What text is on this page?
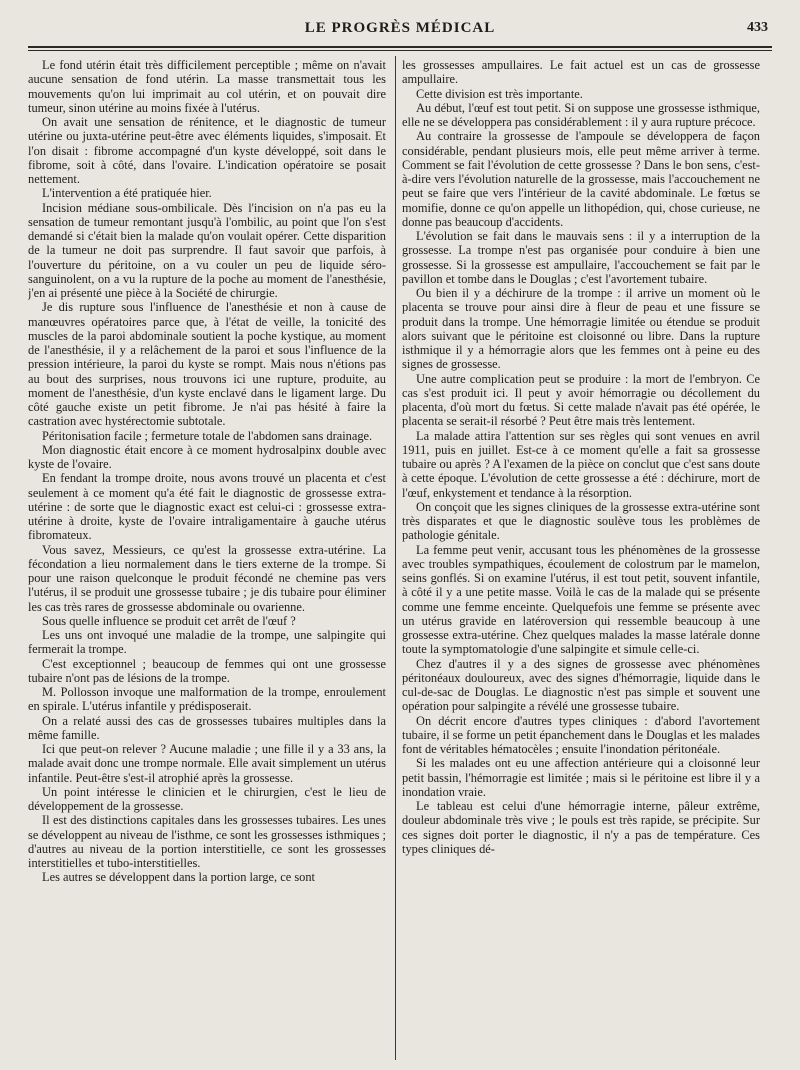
LE PROGRÈS MÉDICAL	433

Le fond utérin était très difficilement perceptible ; même on n'avait aucune sensation de fond utérin. La masse transmettait tous les mouvements qu'on lui imprimait au col utérin, et on pouvait dire tumeur, sinon utérine au moins fixée à l'utérus.

On avait une sensation de rénitence, et le diagnostic de tumeur utérine ou juxta-utérine peut-être avec éléments liquides, s'imposait. Et l'on disait : fibrome accompagné d'un kyste développé, soit dans le fibrome, soit à côté, dans l'ovaire. L'indication opératoire se posait nettement.

L'intervention a été pratiquée hier.

Incision médiane sous-ombilicale. Dès l'incision on n'a pas eu la sensation de tumeur remontant jusqu'à l'ombilic, au point que l'on s'est demandé si c'était bien la malade qu'on voulait opérer. Cette disparition de la tumeur ne doit pas surprendre. Il faut savoir que parfois, à l'ouverture du péritoine, on a vu couler un peu de liquide séro-sanguinolent, on a vu la rupture de la poche au moment de l'anesthésie, j'en ai présenté une pièce à la Société de chirurgie.

Je dis rupture sous l'influence de l'anesthésie et non à cause de manœuvres opératoires parce que, à l'état de veille, la tonicité des muscles de la paroi abdominale soutient la poche kystique, au moment de l'anesthésie, il y a relâchement de la paroi et sous l'influence de la pression intérieure, la paroi du kyste se rompt. Mais nous n'étions pas au bout des surprises, nous trouvons ici une rupture, produite, au moment de l'anesthésie, d'un kyste enclavé dans le ligament large. Du côté gauche existe un petit fibrome. Je n'ai pas hésité à faire la castration avec hystérectomie subtotale.

Péritonisation facile ; fermeture totale de l'abdomen sans drainage.

Mon diagnostic était encore à ce moment hydrosalpinx double avec kyste de l'ovaire.

En fendant la trompe droite, nous avons trouvé un placenta et c'est seulement à ce moment qu'a été fait le diagnostic de grossesse extra-utérine : de sorte que le diagnostic exact est celui-ci : grossesse extra-utérine à droite, kyste de l'ovaire intraligamentaire à gauche utérus fibromateux.

Vous savez, Messieurs, ce qu'est la grossesse extra-utérine. La fécondation a lieu normalement dans le tiers externe de la trompe. Si pour une raison quelconque le produit fécondé ne chemine pas vers l'utérus, il se produit une grossesse tubaire ; je dis tubaire pour éliminer les cas très rares de grossesse abdominale ou ovarienne.

Sous quelle influence se produit cet arrêt de l'œuf ?

Les uns ont invoqué une maladie de la trompe, une salpingite qui fermerait la trompe.

C'est exceptionnel ; beaucoup de femmes qui ont une grossesse tubaire n'ont pas de lésions de la trompe.

M. Pollosson invoque une malformation de la trompe, enroulement en spirale. L'utérus infantile y prédisposerait.

On a relaté aussi des cas de grossesses tubaires multiples dans la même famille.

Ici que peut-on relever ? Aucune maladie ; une fille il y a 33 ans, la malade avait donc une trompe normale. Elle avait simplement un utérus infantile. Peut-être s'est-il atrophié après la grossesse.

Un point intéresse le clinicien et le chirurgien, c'est le lieu de développement de la grossesse.

Il est des distinctions capitales dans les grossesses tubaires. Les unes se développent au niveau de l'isthme, ce sont les grossesses isthmiques ; d'autres au niveau de la portion interstitielle, ce sont les grossesses interstitielles et tubo-interstitielles.

Les autres se développent dans la portion large, ce sont

les grossesses ampullaires. Le fait actuel est un cas de grossesse ampullaire.

Cette division est très importante.

Au début, l'œuf est tout petit. Si on suppose une grossesse isthmique, elle ne se développera pas considérablement : il y aura rupture précoce.

Au contraire la grossesse de l'ampoule se développera de façon considérable, pendant plusieurs mois, elle peut même arriver à terme. Comment se fait l'évolution de cette grossesse ? Dans le bon sens, c'est-à-dire vers l'évolution naturelle de la grossesse, mais l'accouchement ne peut se faire que vers l'intérieur de la cavité abdominale. Le fœtus se momifie, donne ce qu'on appelle un lithopédion, qui, chose curieuse, ne donne pas beaucoup d'accidents.

L'évolution se fait dans le mauvais sens : il y a interruption de la grossesse. La trompe n'est pas organisée pour conduire à bien une grossesse. Si la grossesse est ampullaire, l'accouchement se fait par le pavillon et tombe dans le Douglas ; c'est l'avortement tubaire.

Ou bien il y a déchirure de la trompe : il arrive un moment où le placenta se trouve pour ainsi dire à fleur de peau et une fissure se produit dans la trompe. Une hémorragie limitée ou étendue se produit alors suivant que le péritoine est cloisonné ou libre. Dans la rupture isthmique il y a hémorragie alors que les femmes ont à peine eu des signes de grossesse.

Une autre complication peut se produire : la mort de l'embryon. Ce cas s'est produit ici. Il peut y avoir hémorragie ou décollement du placenta, d'où mort du fœtus. Si cette malade n'avait pas été opérée, le placenta se serait-il résorbé ? Peut être mais très lentement.

La malade attira l'attention sur ses règles qui sont venues en avril 1911, puis en juillet. Est-ce à ce moment qu'elle a fait sa grossesse tubaire ou après ? A l'examen de la pièce on conclut que c'est sans doute à cette époque. L'évolution de cette grossesse a été : déchirure, mort de l'œuf, enkystement et tendance à la résorption.

On conçoit que les signes cliniques de la grossesse extra-utérine sont très disparates et que le diagnostic soulève tous les problèmes de pathologie génitale.

La femme peut venir, accusant tous les phénomènes de la grossesse avec troubles sympathiques, écoulement de colostrum par le mamelon, seins gonflés. Si on examine l'utérus, il est tout petit, souvent infantile, à côté il y a une petite masse. Voilà le cas de la malade qui se présente comme une femme enceinte. Quelquefois une femme se présente avec un utérus gravide en latéroversion qui ressemble beaucoup à une grossesse extra-utérine. Chez quelques malades la masse latérale donne toute la symptomatologie d'une salpingite et simule celle-ci.

Chez d'autres il y a des signes de grossesse avec phénomènes péritonéaux douloureux, avec des signes d'hémorragie, liquide dans le cul-de-sac de Douglas. Le diagnostic n'est pas simple et souvent une opération pour salpingite a révélé une grossesse tubaire.

On décrit encore d'autres types cliniques : d'abord l'avortement tubaire, il se forme un petit épanchement dans le Douglas et les malades font de véritables hématocèles ; ensuite l'inondation péritonéale.

Si les malades ont eu une affection antérieure qui a cloisonné leur petit bassin, l'hémorragie est limitée ; mais si le péritoine est libre il y a inondation vraie.

Le tableau est celui d'une hémorragie interne, pâleur extrême, douleur abdominale très vive ; le pouls est très rapide, se précipite. Sur ces signes doit porter le diagnostic, il n'y a pas de température. Ces types cliniques dé-
